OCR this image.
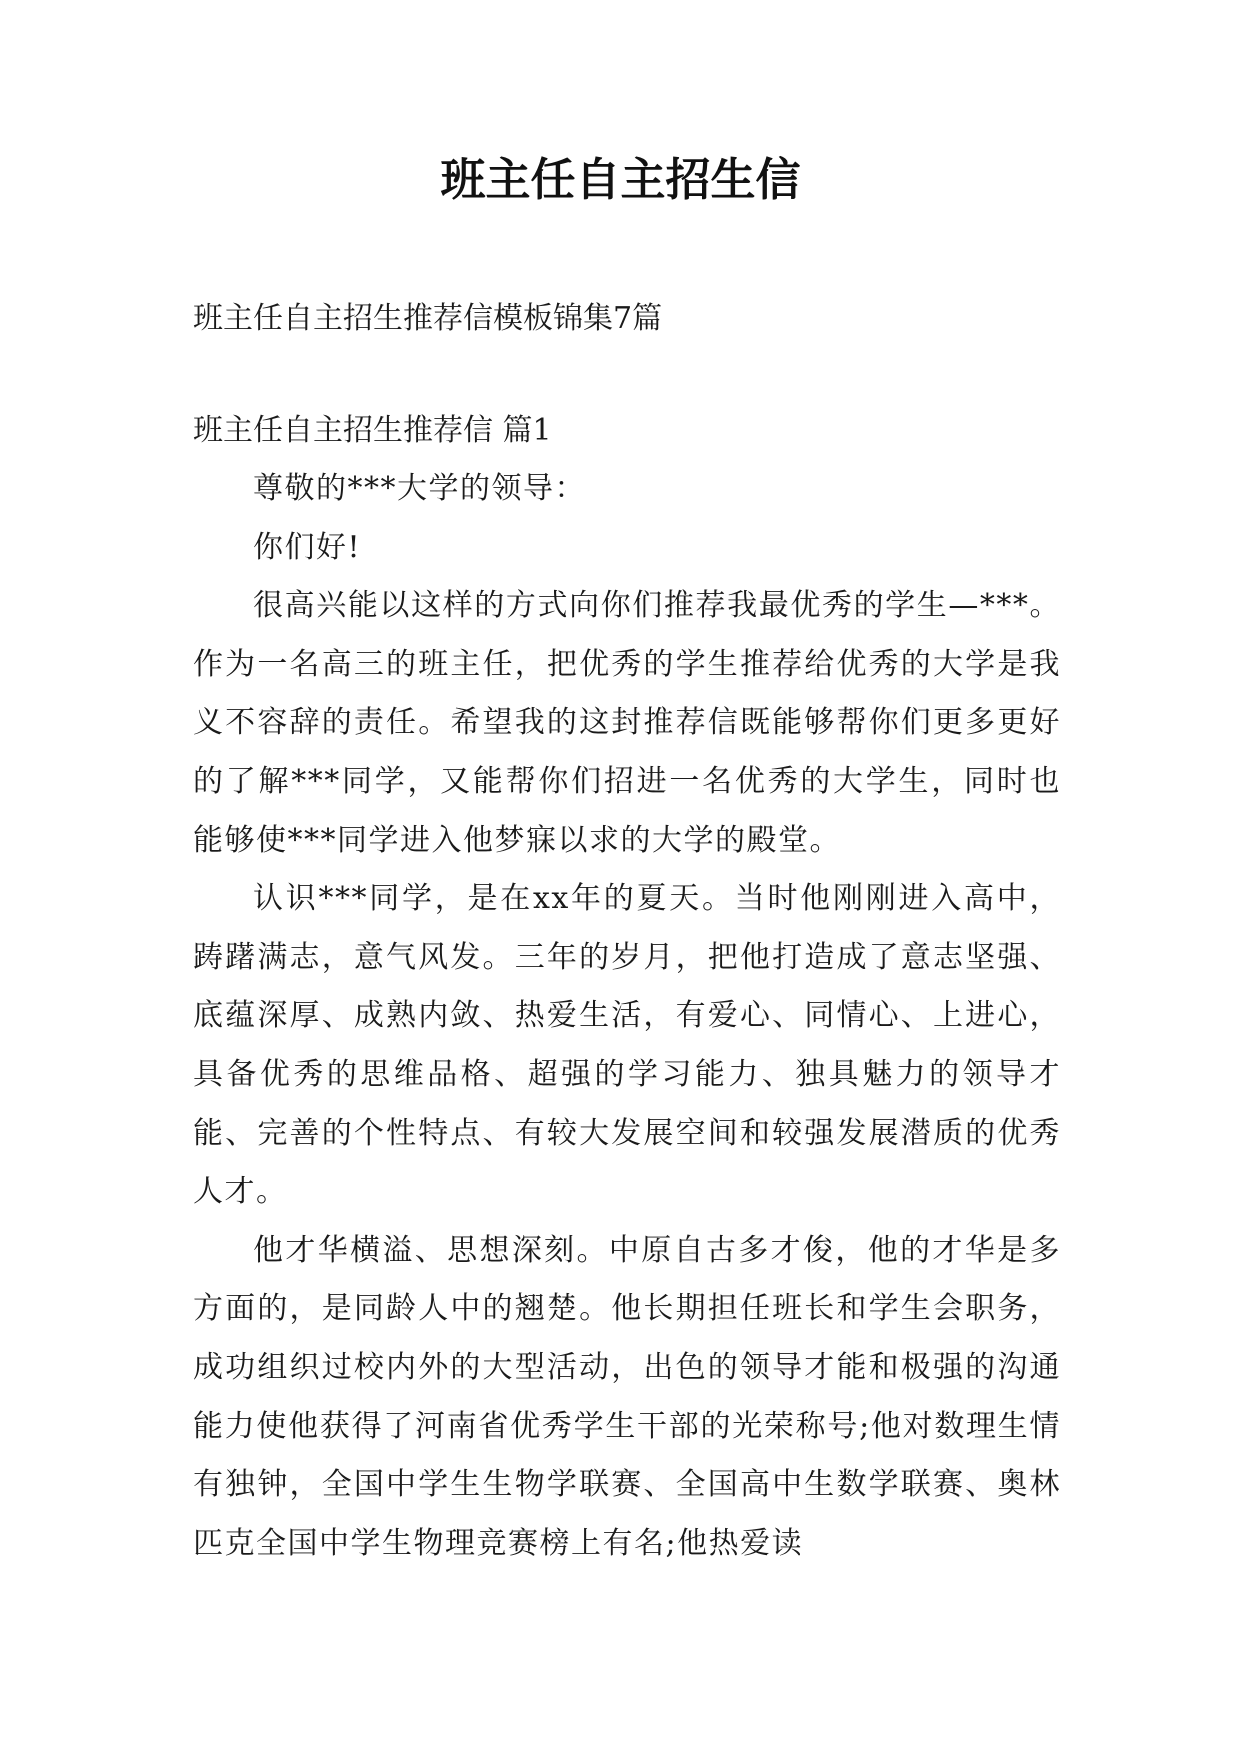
班主任自主招生信

班主任自主招生推荐信模板锦集7篇

班主任自主招生推荐信 篇1

尊敬的***大学的领导：

你们好!

很高兴能以这样的方式向你们推荐我最优秀的学生—***。作为一名高三的班主任，把优秀的学生推荐给优秀的大学是我义不容辞的责任。希望我的这封推荐信既能够帮你们更多更好的了解***同学，又能帮你们招进一名优秀的大学生，同时也能够使***同学进入他梦寐以求的大学的殿堂。

认识***同学，是在xx年的夏天。当时他刚刚进入高中，踌躇满志，意气风发。三年的岁月，把他打造成了意志坚强、底蕴深厚、成熟内敛、热爱生活，有爱心、同情心、上进心，具备优秀的思维品格、超强的学习能力、独具魅力的领导才能、完善的个性特点、有较大发展空间和较强发展潜质的优秀人才。

他才华横溢、思想深刻。中原自古多才俊，他的才华是多方面的，是同龄人中的翘楚。他长期担任班长和学生会职务，成功组织过校内外的大型活动，出色的领导才能和极强的沟通能力使他获得了河南省优秀学生干部的光荣称号;他对数理生情有独钟，全国中学生生物学联赛、全国高中生数学联赛、奥林匹克全国中学生物理竞赛榜上有名;他热爱读
